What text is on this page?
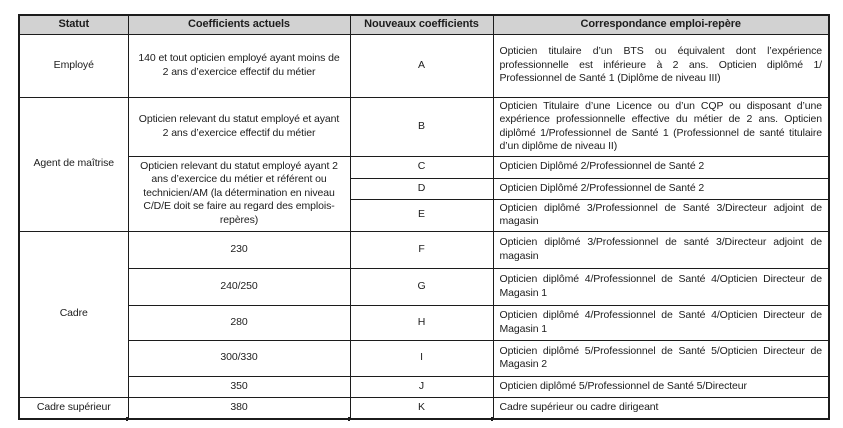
Statut	Coefficients actuels	Nouveaux coefficients	Correspondance emploi-repère
Employé	140 et tout opticien employé ayant moins de 2 ans d’exercice effectif du métier	A	Opticien titulaire d’un BTS ou équivalent dont l’expérience professionnelle est inférieure à 2 ans. Opticien diplômé 1/ Professionnel de Santé 1 (Diplôme de niveau III)
Agent de maîtrise	Opticien relevant du statut employé et ayant 2 ans d’exercice effectif du métier	B	Opticien Titulaire d’une Licence ou d’un CQP ou disposant d’une expérience professionnelle effective du métier de 2 ans. Opticien diplômé 1/Professionnel de Santé 1 (Professionnel de santé titulaire d’un diplôme de niveau II)
	Opticien relevant du statut employé ayant 2 ans d’exercice du métier et référent ou technicien/AM (la détermination en niveau C/D/E doit se faire au regard des emplois-repères)	C	Opticien Diplômé 2/Professionnel de Santé 2
		D	Opticien Diplômé 2/Professionnel de Santé 2
		E	Opticien diplômé 3/Professionnel de Santé 3/Directeur adjoint de magasin
Cadre	230	F	Opticien diplômé 3/Professionnel de santé 3/Directeur adjoint de magasin
	240/250	G	Opticien diplômé 4/Professionnel de Santé 4/Opticien Directeur de Magasin 1
	280	H	Opticien diplômé 4/Professionnel de Santé 4/Opticien Directeur de Magasin 1
	300/330	I	Opticien diplômé 5/Professionnel de Santé 5/Opticien Directeur de Magasin 2
	350	J	Opticien diplômé 5/Professionnel de Santé 5/Directeur
Cadre supérieur	380	K	Cadre supérieur ou cadre dirigeant
